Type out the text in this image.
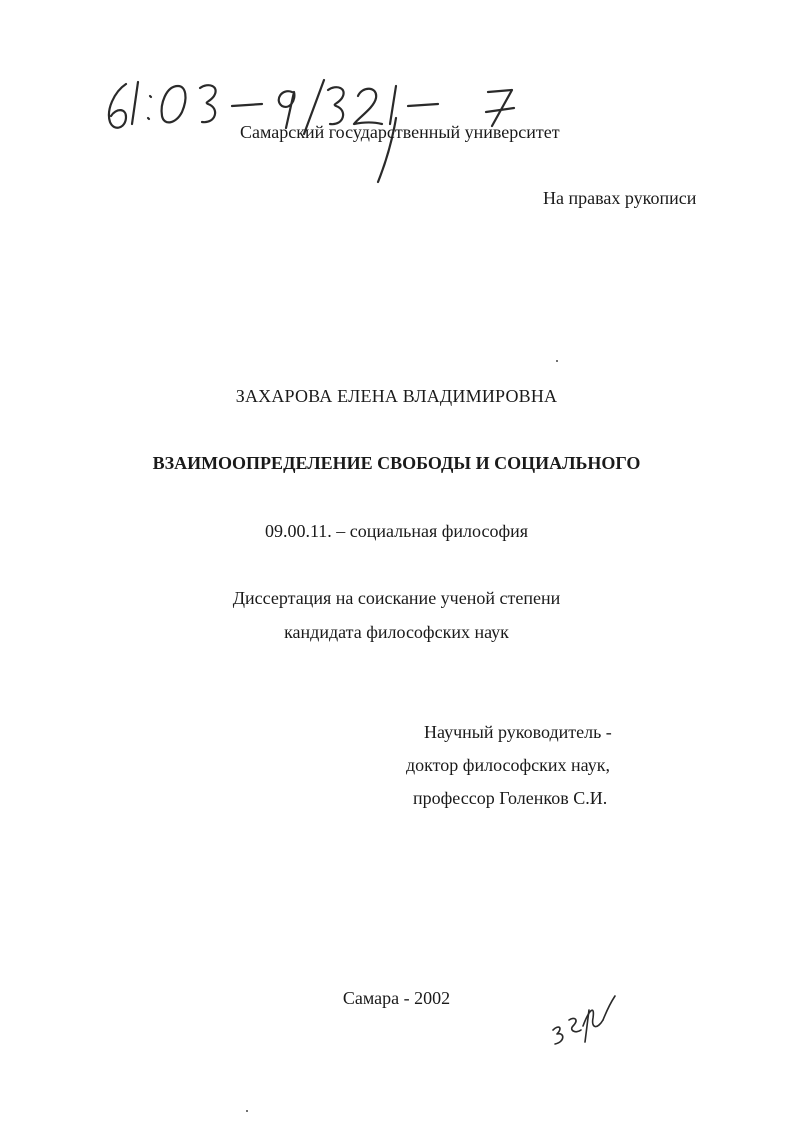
Самарский государственный университет
На правах рукописи
ЗАХАРОВА ЕЛЕНА ВЛАДИМИРОВНА
ВЗАИМООПРЕДЕЛЕНИЕ СВОБОДЫ И СОЦИАЛЬНОГО
09.00.11. – социальная философия
Диссертация на соискание ученой степени
кандидата философских наук
Научный руководитель -
доктор философских наук,
профессор Голенков С.И.
Самара - 2002
